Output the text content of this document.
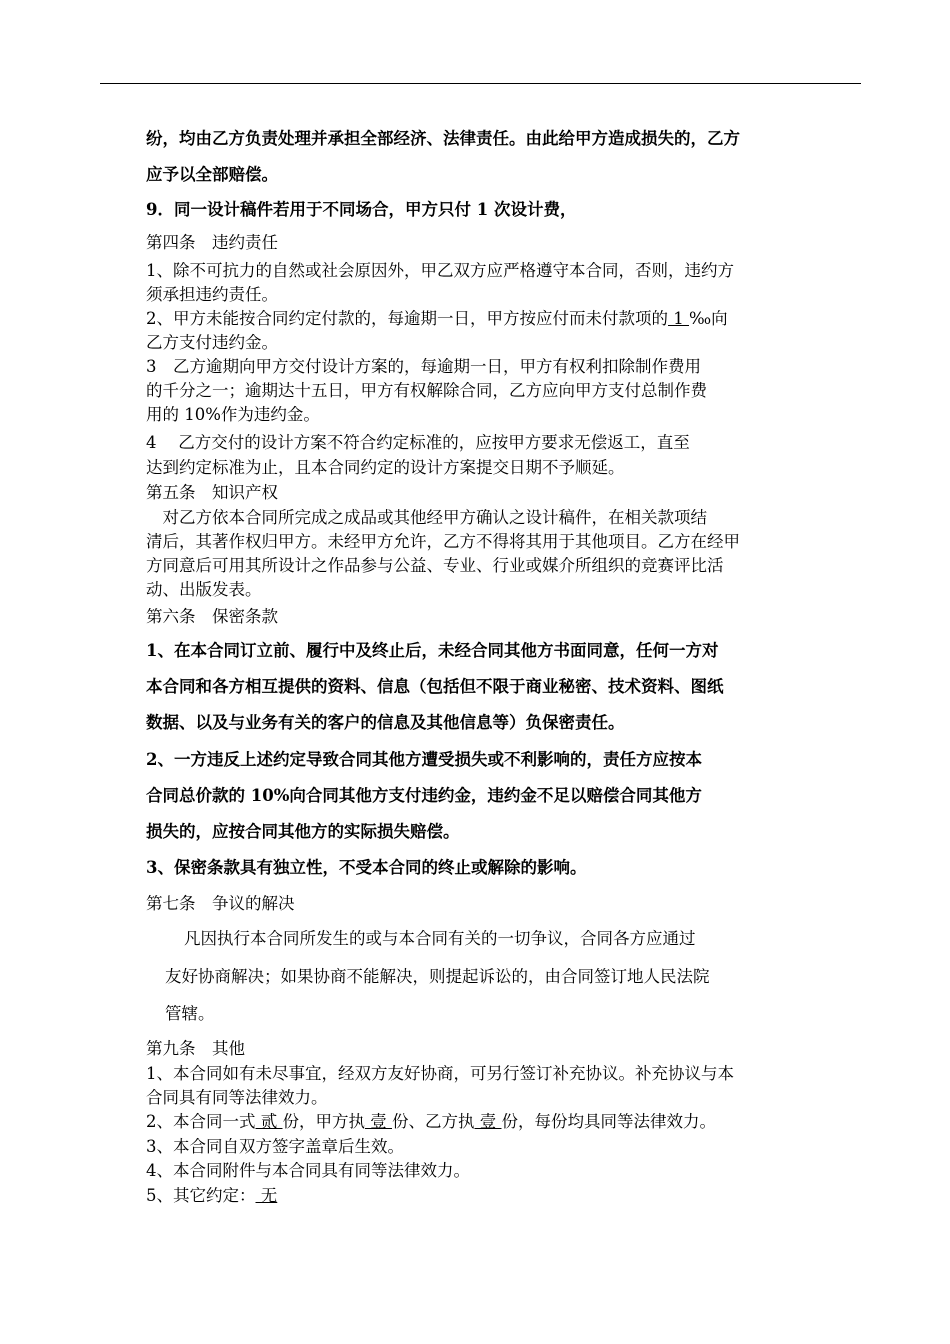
纷，均由乙方负责处理并承担全部经济、法律责任。由此给甲方造成损失的，乙方
应予以全部赔偿。
9．同一设计稿件若用于不同场合，甲方只付 1 次设计费，
第四条　违约责任
1、除不可抗力的自然或社会原因外，甲乙双方应严格遵守本合同，否则，违约方
须承担违约责任。
2、甲方未能按合同约定付款的，每逾期一日，甲方按应付而未付款项的 1 ‰向
乙方支付违约金。
3　乙方逾期向甲方交付设计方案的，每逾期一日，甲方有权利扣除制作费用
的千分之一；逾期达十五日，甲方有权解除合同，乙方应向甲方支付总制作费
用的 10%作为违约金。
4　 乙方交付的设计方案不符合约定标准的，应按甲方要求无偿返工，直至
达到约定标准为止，且本合同约定的设计方案提交日期不予顺延。
第五条　知识产权
　对乙方依本合同所完成之成品或其他经甲方确认之设计稿件，在相关款项结
清后，其著作权归甲方。未经甲方允许，乙方不得将其用于其他项目。乙方在经甲
方同意后可用其所设计之作品参与公益、专业、行业或媒介所组织的竞赛评比活
动、出版发表。
第六条　保密条款
1、在本合同订立前、履行中及终止后，未经合同其他方书面同意，任何一方对
本合同和各方相互提供的资料、信息（包括但不限于商业秘密、技术资料、图纸
数据、以及与业务有关的客户的信息及其他信息等）负保密责任。
2、一方违反上述约定导致合同其他方遭受损失或不利影响的，责任方应按本
合同总价款的 10%向合同其他方支付违约金，违约金不足以赔偿合同其他方
损失的，应按合同其他方的实际损失赔偿。
3、保密条款具有独立性，不受本合同的终止或解除的影响。
第七条　争议的解决
凡因执行本合同所发生的或与本合同有关的一切争议，合同各方应通过
友好协商解决；如果协商不能解决，则提起诉讼的，由合同签订地人民法院
管辖。
第九条　其他
1、本合同如有未尽事宜，经双方友好协商，可另行签订补充协议。补充协议与本
合同具有同等法律效力。
2、本合同一式 贰 份，甲方执 壹 份、乙方执 壹 份，每份均具同等法律效力。
3、本合同自双方签字盖章后生效。
4、本合同附件与本合同具有同等法律效力。
5、其它约定： 无
